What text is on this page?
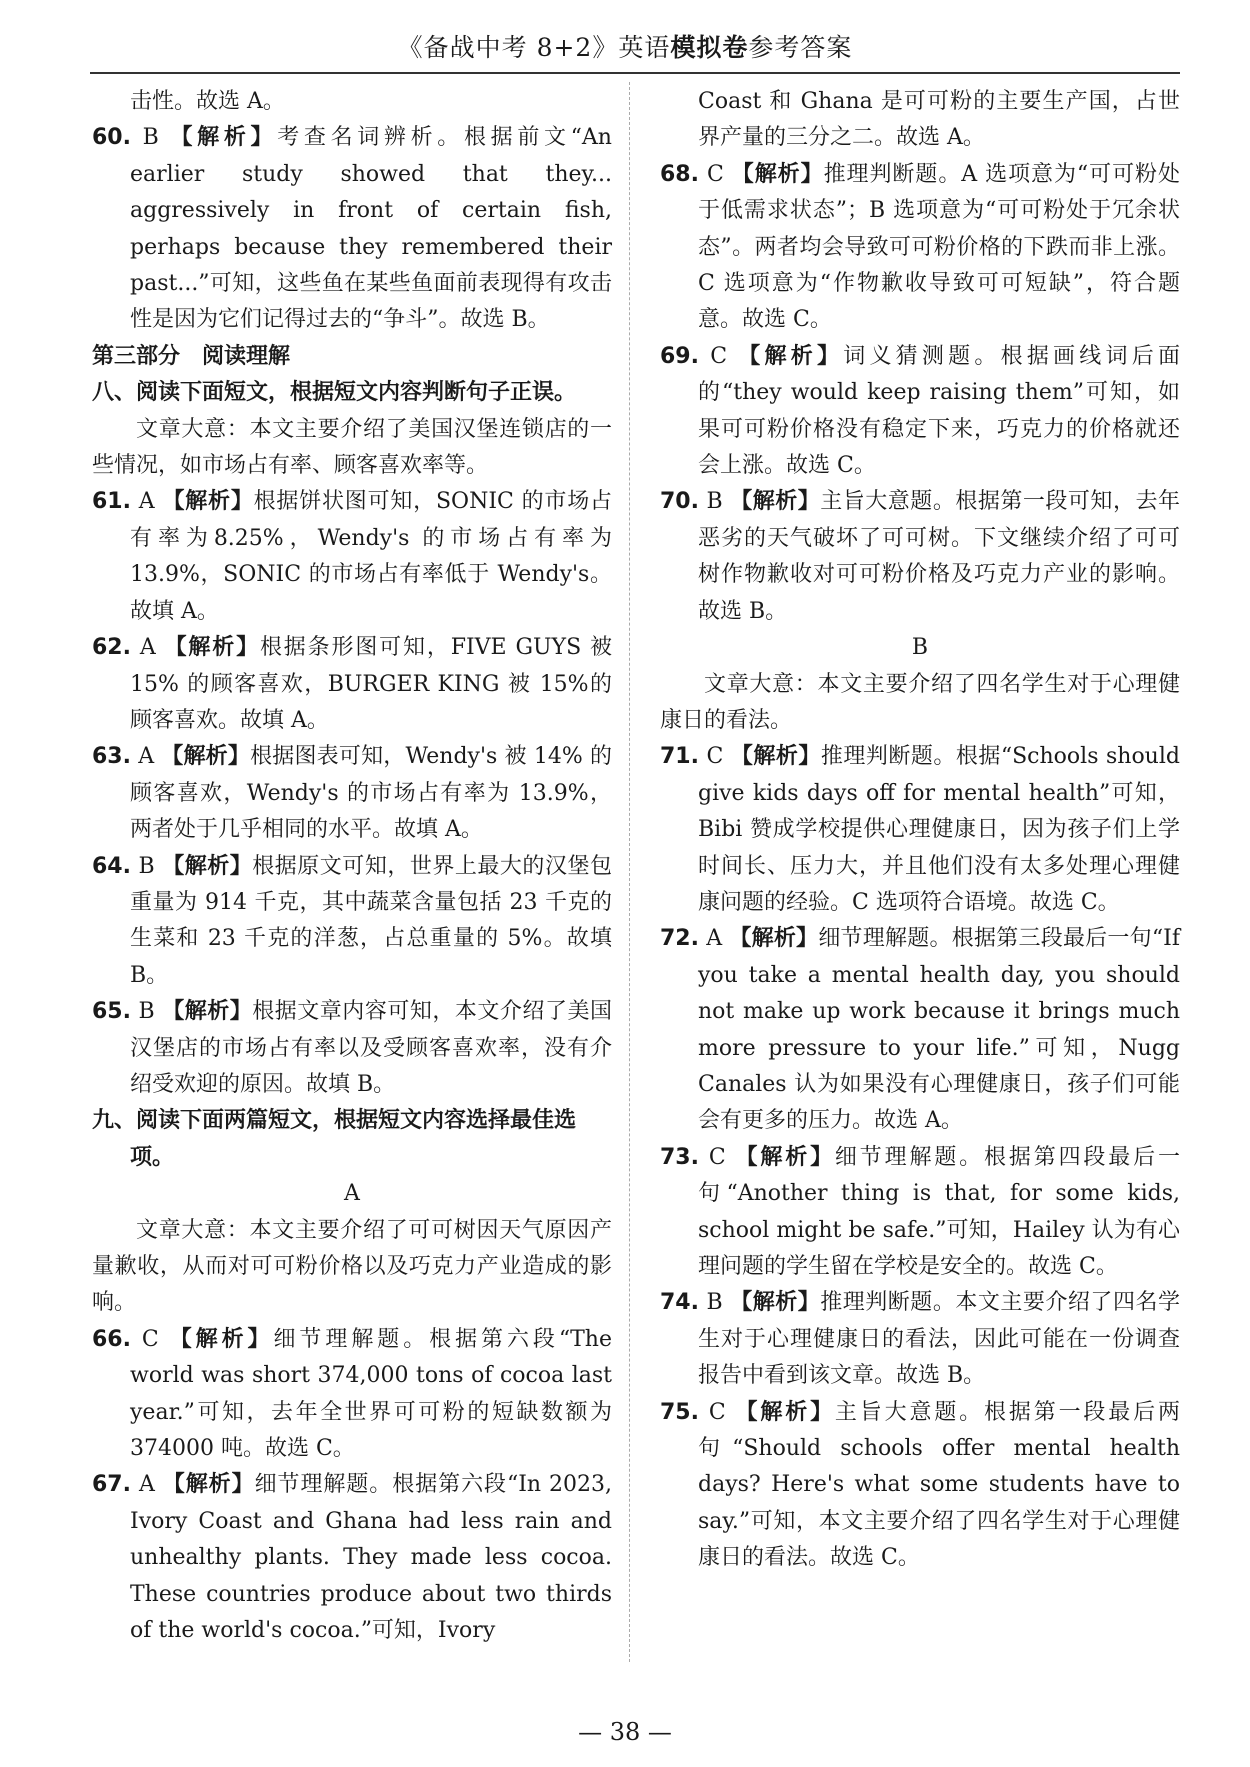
《备战中考 8+2》英语模拟卷参考答案

击性。故选 A。

60. B 【解析】考查名词辨析。根据前文“An earlier study showed that they... aggressively in front of certain fish, perhaps because they remembered their past...”可知，这些鱼在某些鱼面前表现得有攻击性是因为它们记得过去的“争斗”。故选 B。

第三部分　阅读理解

八、阅读下面短文，根据短文内容判断句子正误。

文章大意：本文主要介绍了美国汉堡连锁店的一些情况，如市场占有率、顾客喜欢率等。

61. A 【解析】根据饼状图可知，SONIC 的市场占有率为8.25%，Wendy's 的市场占有率为 13.9%，SONIC 的市场占有率低于 Wendy's。故填 A。

62. A 【解析】根据条形图可知，FIVE GUYS 被 15% 的顾客喜欢，BURGER KING 被 15%的顾客喜欢。故填 A。

63. A 【解析】根据图表可知，Wendy's 被 14% 的顾客喜欢，Wendy's 的市场占有率为 13.9%，两者处于几乎相同的水平。故填 A。

64. B 【解析】根据原文可知，世界上最大的汉堡包重量为 914 千克，其中蔬菜含量包括 23 千克的生菜和 23 千克的洋葱，占总重量的 5%。故填 B。

65. B 【解析】根据文章内容可知，本文介绍了美国汉堡店的市场占有率以及受顾客喜欢率，没有介绍受欢迎的原因。故填 B。

九、阅读下面两篇短文，根据短文内容选择最佳选项。

A

文章大意：本文主要介绍了可可树因天气原因产量歉收，从而对可可粉价格以及巧克力产业造成的影响。

66. C 【解析】细节理解题。根据第六段“The world was short 374,000 tons of cocoa last year.”可知，去年全世界可可粉的短缺数额为 374000 吨。故选 C。

67. A 【解析】细节理解题。根据第六段“In 2023, Ivory Coast and Ghana had less rain and unhealthy plants. They made less cocoa. These countries produce about two thirds of the world's cocoa.”可知，Ivory

Coast 和 Ghana 是可可粉的主要生产国，占世界产量的三分之二。故选 A。

68. C 【解析】推理判断题。A 选项意为“可可粉处于低需求状态”；B 选项意为“可可粉处于冗余状态”。两者均会导致可可粉价格的下跌而非上涨。C 选项意为“作物歉收导致可可短缺”，符合题意。故选 C。

69. C 【解析】词义猜测题。根据画线词后面的“they would keep raising them”可知，如果可可粉价格没有稳定下来，巧克力的价格就还会上涨。故选 C。

70. B 【解析】主旨大意题。根据第一段可知，去年恶劣的天气破坏了可可树。下文继续介绍了可可树作物歉收对可可粉价格及巧克力产业的影响。故选 B。

B

文章大意：本文主要介绍了四名学生对于心理健康日的看法。

71. C 【解析】推理判断题。根据“Schools should give kids days off for mental health”可知，Bibi 赞成学校提供心理健康日，因为孩子们上学时间长、压力大，并且他们没有太多处理心理健康问题的经验。C 选项符合语境。故选 C。

72. A 【解析】细节理解题。根据第三段最后一句“If you take a mental health day, you should not make up work because it brings much more pressure to your life.”可知，Nugg Canales 认为如果没有心理健康日，孩子们可能会有更多的压力。故选 A。

73. C 【解析】细节理解题。根据第四段最后一句“Another thing is that, for some kids, school might be safe.”可知，Hailey 认为有心理问题的学生留在学校是安全的。故选 C。

74. B 【解析】推理判断题。本文主要介绍了四名学生对于心理健康日的看法，因此可能在一份调查报告中看到该文章。故选 B。

75. C 【解析】主旨大意题。根据第一段最后两句“Should schools offer mental health days? Here's what some students have to say.”可知，本文主要介绍了四名学生对于心理健康日的看法。故选 C。

— 38 —
